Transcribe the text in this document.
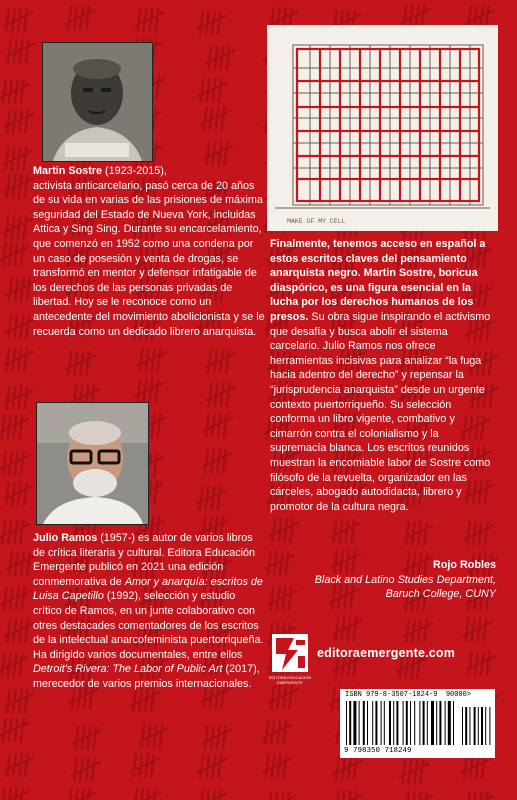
Martin Sostre (1923-2015),
activista anticarcelario, pasó cerca de 20 años de su vida en varias de las prisiones de máxima seguridad del Estado de Nueva York, incluidas Attica y Sing Sing. Durante su encarcelamiento, que comenzó en 1952 como una condena por un caso de posesión y venta de drogas, se transformó en mentor y defensor infatigable de los derechos de las personas privadas de libertad. Hoy se le reconoce como un antecedente del movimiento abolicionista y se le recuerda como un dedicado librero anarquista.
Julio Ramos (1957-) es autor de varios libros de crítica literaria y cultural. Editora Educación Emergente publicó en 2021 una edición conmemorativa de Amor y anarquía: escritos de Luisa Capetillo (1992), selección y estudio crítico de Ramos, en un junte colaborativo con otres destacades comentadores de los escritos de la intelectual anarcofeminista puertorriqueña. Ha dirigido varios documentales, entre ellos Detroit's Rivera: The Labor of Public Art (2017), merecedor de varios premios internacionales.
MAKE OF MY CELL
Finalmente, tenemos acceso en español a estos escritos claves del pensamiento anarquista negro. Martin Sostre, boricua diaspórico, es una figura esencial en la lucha por los derechos humanos de los presos. Su obra sigue inspirando el activismo que desafía y busca abolir el sistema carcelario. Julio Ramos nos ofrece herramientas incisivas para analizar “la fuga hacia adentro del derecho” y repensar la “jurisprudencia anarquista” desde un urgente contexto puertorriqueño. Su selección conforma un libro vigente, combativo y cimarrón contra el colonialismo y la supremacía blanca. Los escritos reunidos muestran la encomiable labor de Sostre como filósofo de la revuelta, organizador en las cárceles, abogado autodidacta, librero y promotor de la cultura negra.
Rojo Robles
Black and Latino Studies Department,
Baruch College, CUNY
EDITORA EDUCACIÓN EMERGENTE
editoraemergente.com
ISBN 979-8-3507-1824-9 90000>
9 798350 718249
